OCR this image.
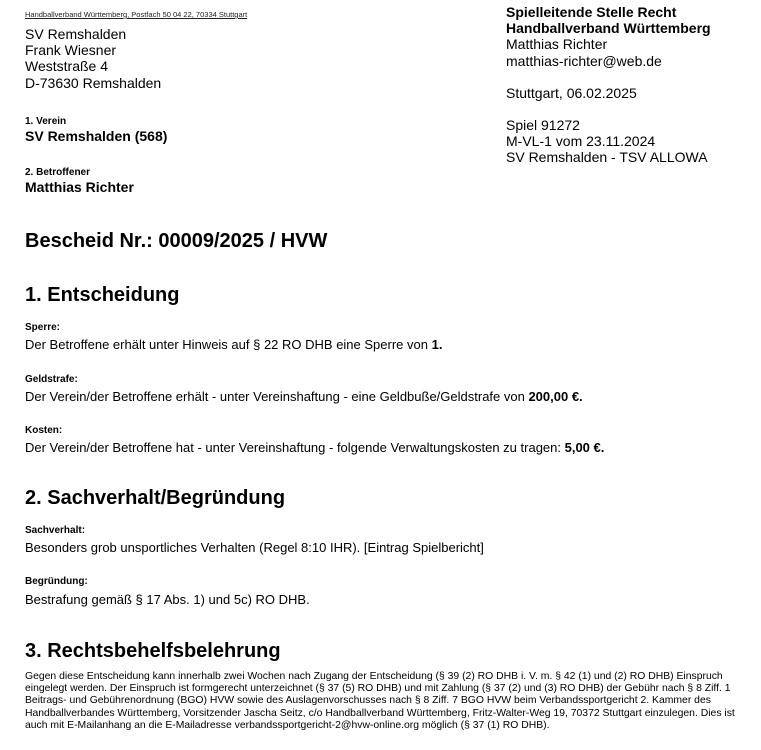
Handballverband Württemberg, Postfach 50 04 22, 70334 Stuttgart
SV Remshalden
Frank Wiesner
Weststraße 4
D-73630 Remshalden
Spielleitende Stelle Recht
Handballverband Württemberg
Matthias Richter
matthias-richter@web.de
Stuttgart, 06.02.2025
Spiel 91272
M-VL-1 vom 23.11.2024
SV Remshalden - TSV ALLOWA
1. Verein
SV Remshalden (568)
2. Betroffener
Matthias Richter
Bescheid Nr.: 00009/2025 / HVW
1. Entscheidung
Sperre:
Der Betroffene erhält unter Hinweis auf § 22 RO DHB eine Sperre von 1.
Geldstrafe:
Der Verein/der Betroffene erhält - unter Vereinshaftung - eine Geldbuße/Geldstrafe von 200,00 €.
Kosten:
Der Verein/der Betroffene hat - unter Vereinshaftung - folgende Verwaltungskosten zu tragen: 5,00 €.
2. Sachverhalt/Begründung
Sachverhalt:
Besonders grob unsportliches Verhalten (Regel 8:10 IHR). [Eintrag Spielbericht]
Begründung:
Bestrafung gemäß § 17 Abs. 1) und 5c) RO DHB.
3. Rechtsbehelfsbelehrung
Gegen diese Entscheidung kann innerhalb zwei Wochen nach Zugang der Entscheidung (§ 39 (2) RO DHB i. V. m. § 42 (1) und (2) RO DHB) Einspruch eingelegt werden. Der Einspruch ist formgerecht unterzeichnet (§ 37 (5) RO DHB) und mit Zahlung (§ 37 (2) und (3) RO DHB) der Gebühr nach § 8 Ziff. 1 Beitrags- und Gebührenordnung (BGO) HVW sowie des Auslagenvorschusses nach § 8 Ziff. 7 BGO HVW beim Verbandssportgericht 2. Kammer des Handballverbandes Württemberg, Vorsitzender Jascha Seitz, c/o Handballverband Württemberg, Fritz-Walter-Weg 19, 70372 Stuttgart einzulegen. Dies ist auch mit E-Mailanhang an die E-Mailadresse verbandssportgericht-2@hvw-online.org möglich (§ 37 (1) RO DHB).
